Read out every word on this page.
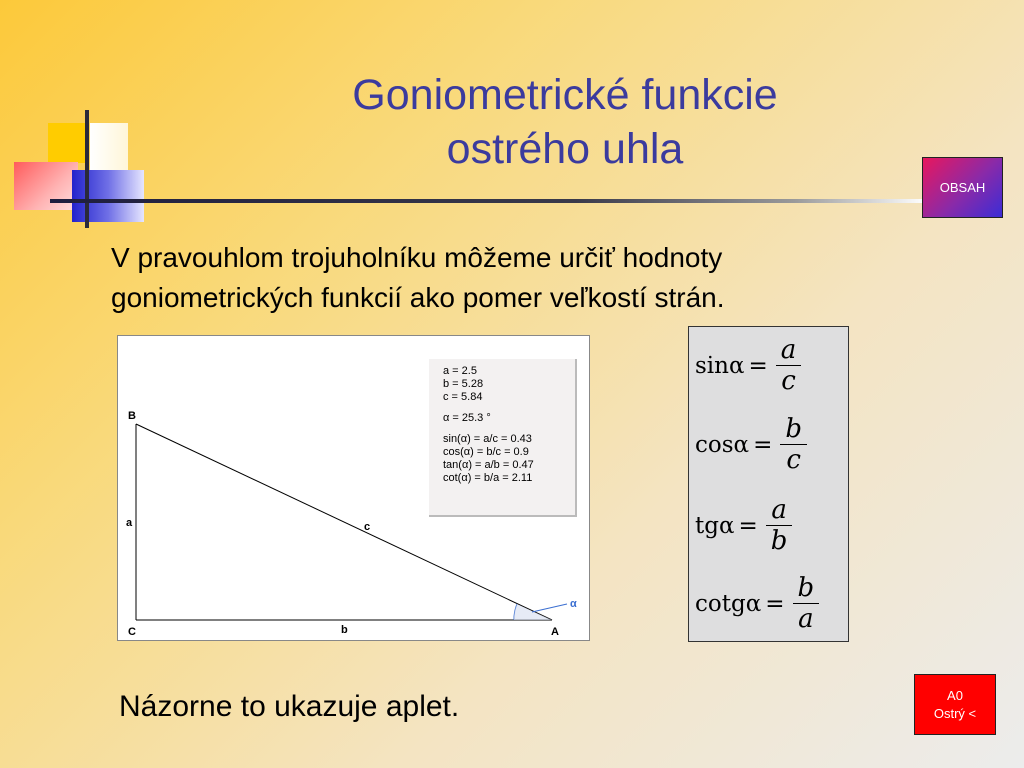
Goniometrické funkcie
ostrého uhla
OBSAH
V pravouhlom trojuholníku môžeme určiť hodnoty
goniometrických funkcií ako pomer veľkostí strán.
B
C	A
a
b
c
α
a = 2.5
b = 5.28
c = 5.84
α = 25.3 °
sin(α) = a/c = 0.43
cos(α) = b/c = 0.9
tan(α) = a/b = 0.47
cot(α) = b/a = 2.11
$\sin\alpha = \frac{a}{c}$
$\cos\alpha = \frac{b}{c}$
$tg\alpha = \frac{a}{b}$
$\cot g\alpha = \frac{b}{a}$
Názorne to ukazuje aplet.	A0
Ostrý <
